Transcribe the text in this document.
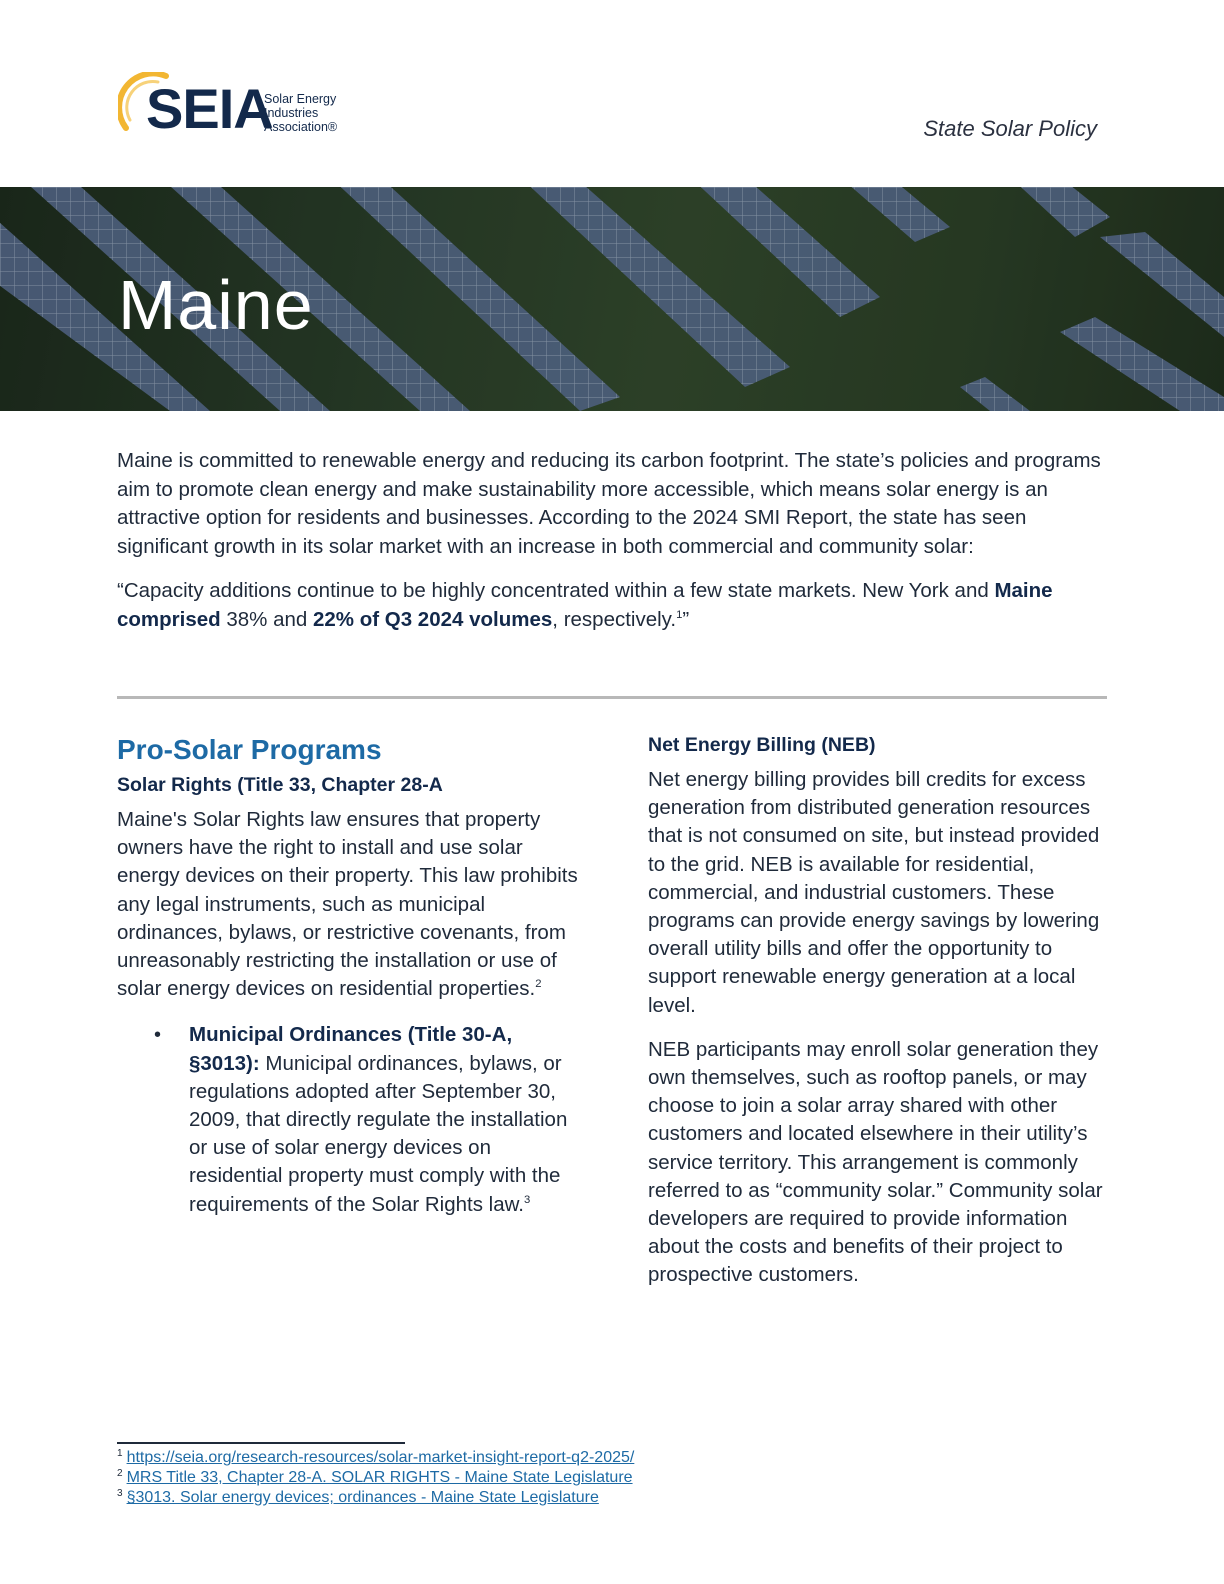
SEIA
Solar Energy
Industries
Association®	State Solar Policy
Maine

Maine is committed to renewable energy and reducing its carbon footprint. The state’s policies and programs aim to promote clean energy and make sustainability more accessible, which means solar energy is an attractive option for residents and businesses. According to the 2024 SMI Report, the state has seen significant growth in its solar market with an increase in both commercial and community solar:

“Capacity additions continue to be highly concentrated within a few state markets. New York and Maine comprised 38% and 22% of Q3 2024 volumes, respectively.$^1$”

Pro-Solar Programs
Solar Rights (Title 33, Chapter 28-A

Maine's Solar Rights law ensures that property owners have the right to install and use solar energy devices on their property. This law prohibits any legal instruments, such as municipal ordinances, bylaws, or restrictive covenants, from unreasonably restricting the installation or use of solar energy devices on residential properties.$^2$

• Municipal Ordinances (Title 30-A, §3013): Municipal ordinances, bylaws, or regulations adopted after September 30, 2009, that directly regulate the installation or use of solar energy devices on residential property must comply with the requirements of the Solar Rights law.$^3$
Net Energy Billing (NEB)

Net energy billing provides bill credits for excess generation from distributed generation resources that is not consumed on site, but instead provided to the grid. NEB is available for residential, commercial, and industrial customers. These programs can provide energy savings by lowering overall utility bills and offer the opportunity to support renewable energy generation at a local level.

NEB participants may enroll solar generation they own themselves, such as rooftop panels, or may choose to join a solar array shared with other customers and located elsewhere in their utility’s service territory. This arrangement is commonly referred to as “community solar.” Community solar developers are required to provide information about the costs and benefits of their project to prospective customers.

$^1$ https://seia.org/research-resources/solar-market-insight-report-q2-2025/
$^2$ MRS Title 33, Chapter 28-A. SOLAR RIGHTS - Maine State Legislature
$^3$ §3013. Solar energy devices; ordinances - Maine State Legislature
